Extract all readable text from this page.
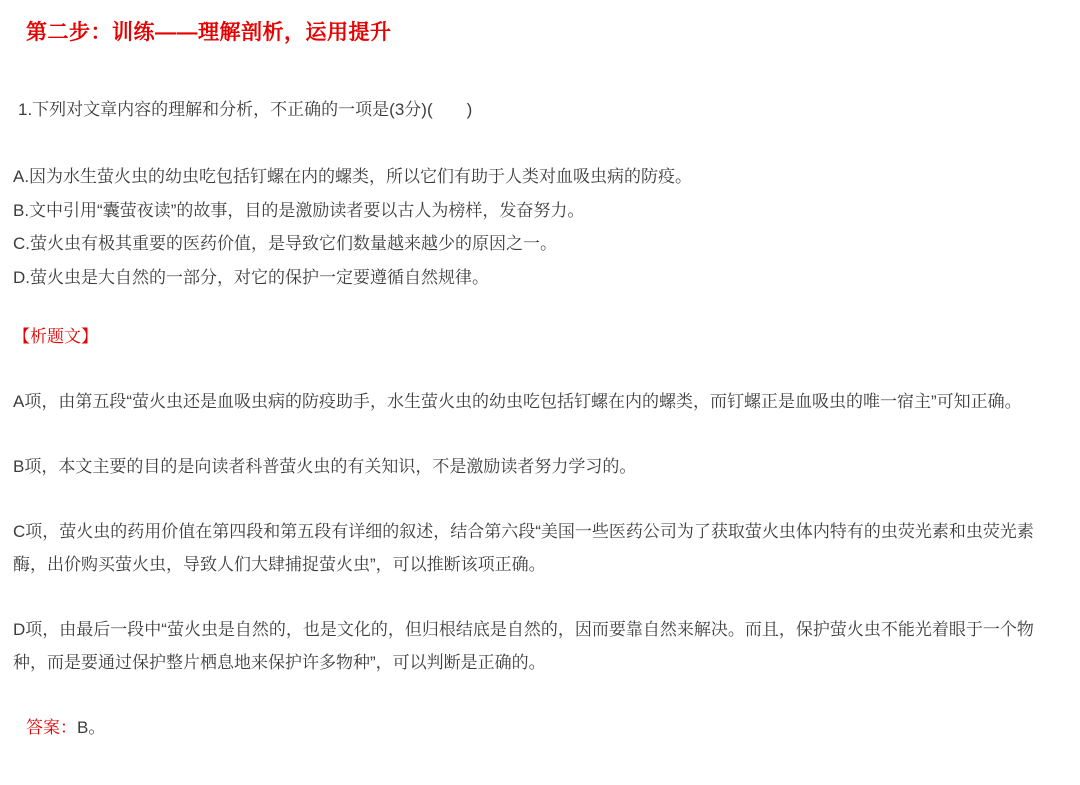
第二步：训练——理解剖析，运用提升
1.下列对文章内容的理解和分析，不正确的一项是(3分)(　　)
A.因为水生萤火虫的幼虫吃包括钉螺在内的螺类，所以它们有助于人类对血吸虫病的防疫。
B.文中引用“囊萤夜读”的故事，目的是激励读者要以古人为榜样，发奋努力。
C.萤火虫有极其重要的医药价值，是导致它们数量越来越少的原因之一。
D.萤火虫是大自然的一部分，对它的保护一定要遵循自然规律。
【析题文】
A项，由第五段“萤火虫还是血吸虫病的防疫助手，水生萤火虫的幼虫吃包括钉螺在内的螺类，而钉螺正是血吸虫的唯一宿主”可知正确。
B项，本文主要的目的是向读者科普萤火虫的有关知识，不是激励读者努力学习的。
C项，萤火虫的药用价值在第四段和第五段有详细的叙述，结合第六段“美国一些医药公司为了获取萤火虫体内特有的虫荧光素和虫荧光素酶，出价购买萤火虫，导致人们大肆捕捉萤火虫”，可以推断该项正确。
D项，由最后一段中“萤火虫是自然的，也是文化的，但归根结底是自然的，因而要靠自然来解决。而且，保护萤火虫不能光着眼于一个物种，而是要通过保护整片栖息地来保护许多物种”，可以判断是正确的。
答案：B。
